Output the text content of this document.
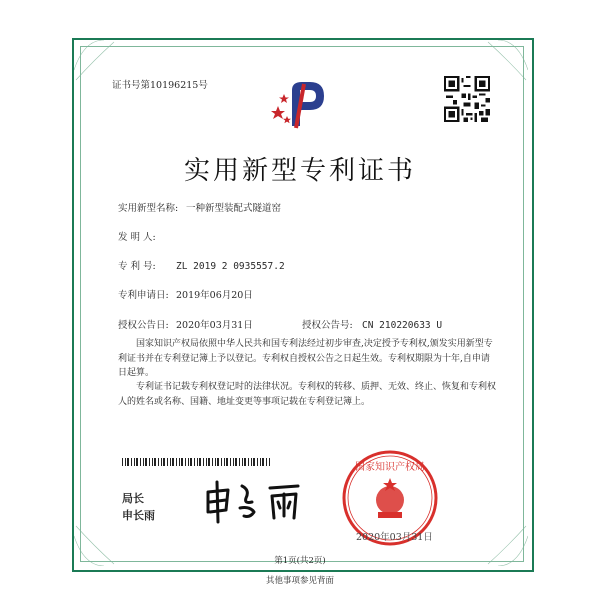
证书号第10196215号
实用新型专利证书
实用新型名称: 一种新型装配式隧道窑
发 明 人:
专 利 号: ZL 2019 2 0935557.2
专利申请日: 2019年06月20日
授权公告日: 2020年03月31日	授权公告号: CN 210220633 U
国家知识产权局依照中华人民共和国专利法经过初步审查,决定授予专利权,颁发实用新型专利证书并在专利登记簿上予以登记。专利权自授权公告之日起生效。专利权期限为十年,自申请日起算。
专利证书记载专利权登记时的法律状况。专利权的转移、质押、无效、终止、恢复和专利权人的姓名或名称、国籍、地址变更等事项记载在专利登记簿上。
局长
申长雨
国家知识产权局
2020年03月31日
第1页(共2页)
其他事项参见背面
